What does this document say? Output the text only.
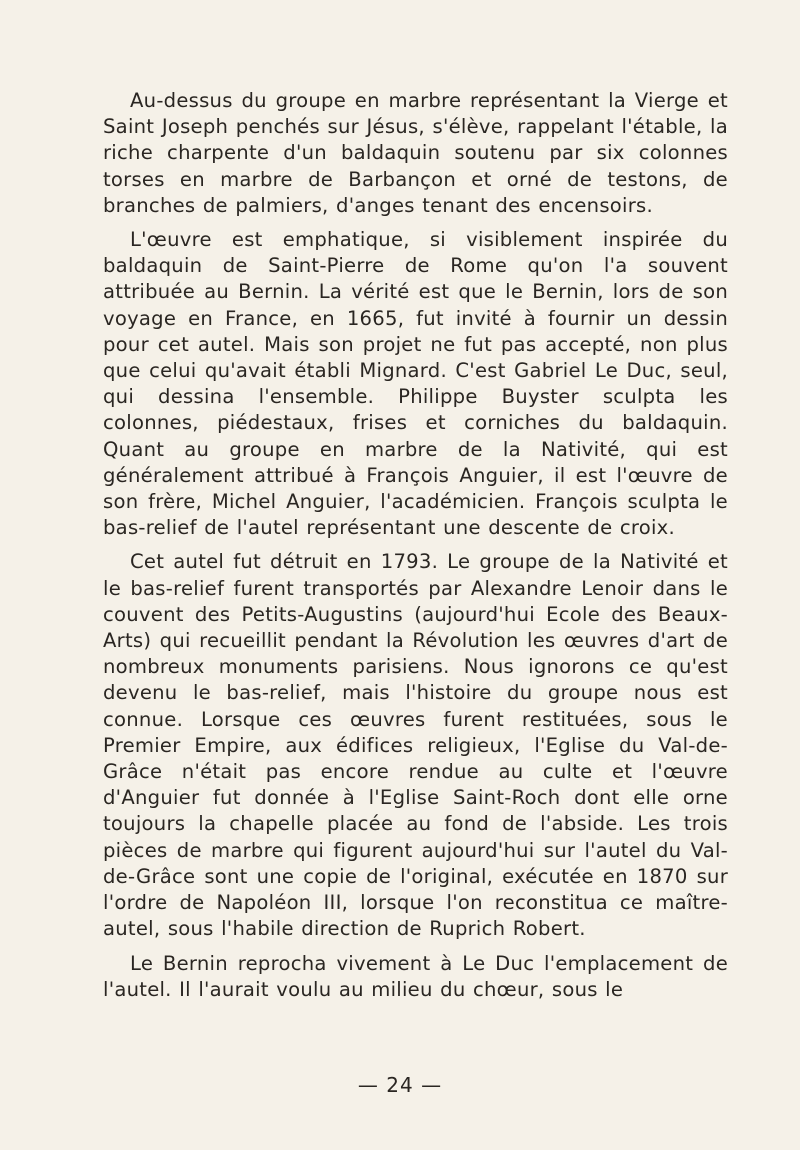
Au-dessus du groupe en marbre représentant la Vierge et Saint Joseph penchés sur Jésus, s'élève, rappelant l'étable, la riche charpente d'un baldaquin soutenu par six colonnes torses en marbre de Barbançon et orné de testons, de branches de palmiers, d'anges tenant des encensoirs.

L'œuvre est emphatique, si visiblement inspirée du baldaquin de Saint-Pierre de Rome qu'on l'a souvent attribuée au Bernin. La vérité est que le Bernin, lors de son voyage en France, en 1665, fut invité à fournir un dessin pour cet autel. Mais son projet ne fut pas accepté, non plus que celui qu'avait établi Mignard. C'est Gabriel Le Duc, seul, qui dessina l'ensemble. Philippe Buyster sculpta les colonnes, piédestaux, frises et corniches du baldaquin. Quant au groupe en marbre de la Nativité, qui est généralement attribué à François Anguier, il est l'œuvre de son frère, Michel Anguier, l'académicien. François sculpta le bas-relief de l'autel représentant une descente de croix.

Cet autel fut détruit en 1793. Le groupe de la Nativité et le bas-relief furent transportés par Alexandre Lenoir dans le couvent des Petits-Augustins (aujourd'hui Ecole des Beaux-Arts) qui recueillit pendant la Révolution les œuvres d'art de nombreux monuments parisiens. Nous ignorons ce qu'est devenu le bas-relief, mais l'histoire du groupe nous est connue. Lorsque ces œuvres furent restituées, sous le Premier Empire, aux édifices religieux, l'Eglise du Val-de-Grâce n'était pas encore rendue au culte et l'œuvre d'Anguier fut donnée à l'Eglise Saint-Roch dont elle orne toujours la chapelle placée au fond de l'abside. Les trois pièces de marbre qui figurent aujourd'hui sur l'autel du Val-de-Grâce sont une copie de l'original, exécutée en 1870 sur l'ordre de Napoléon III, lorsque l'on reconstitua ce maître-autel, sous l'habile direction de Ruprich Robert.

Le Bernin reprocha vivement à Le Duc l'emplacement de l'autel. Il l'aurait voulu au milieu du chœur, sous le

— 24 —
